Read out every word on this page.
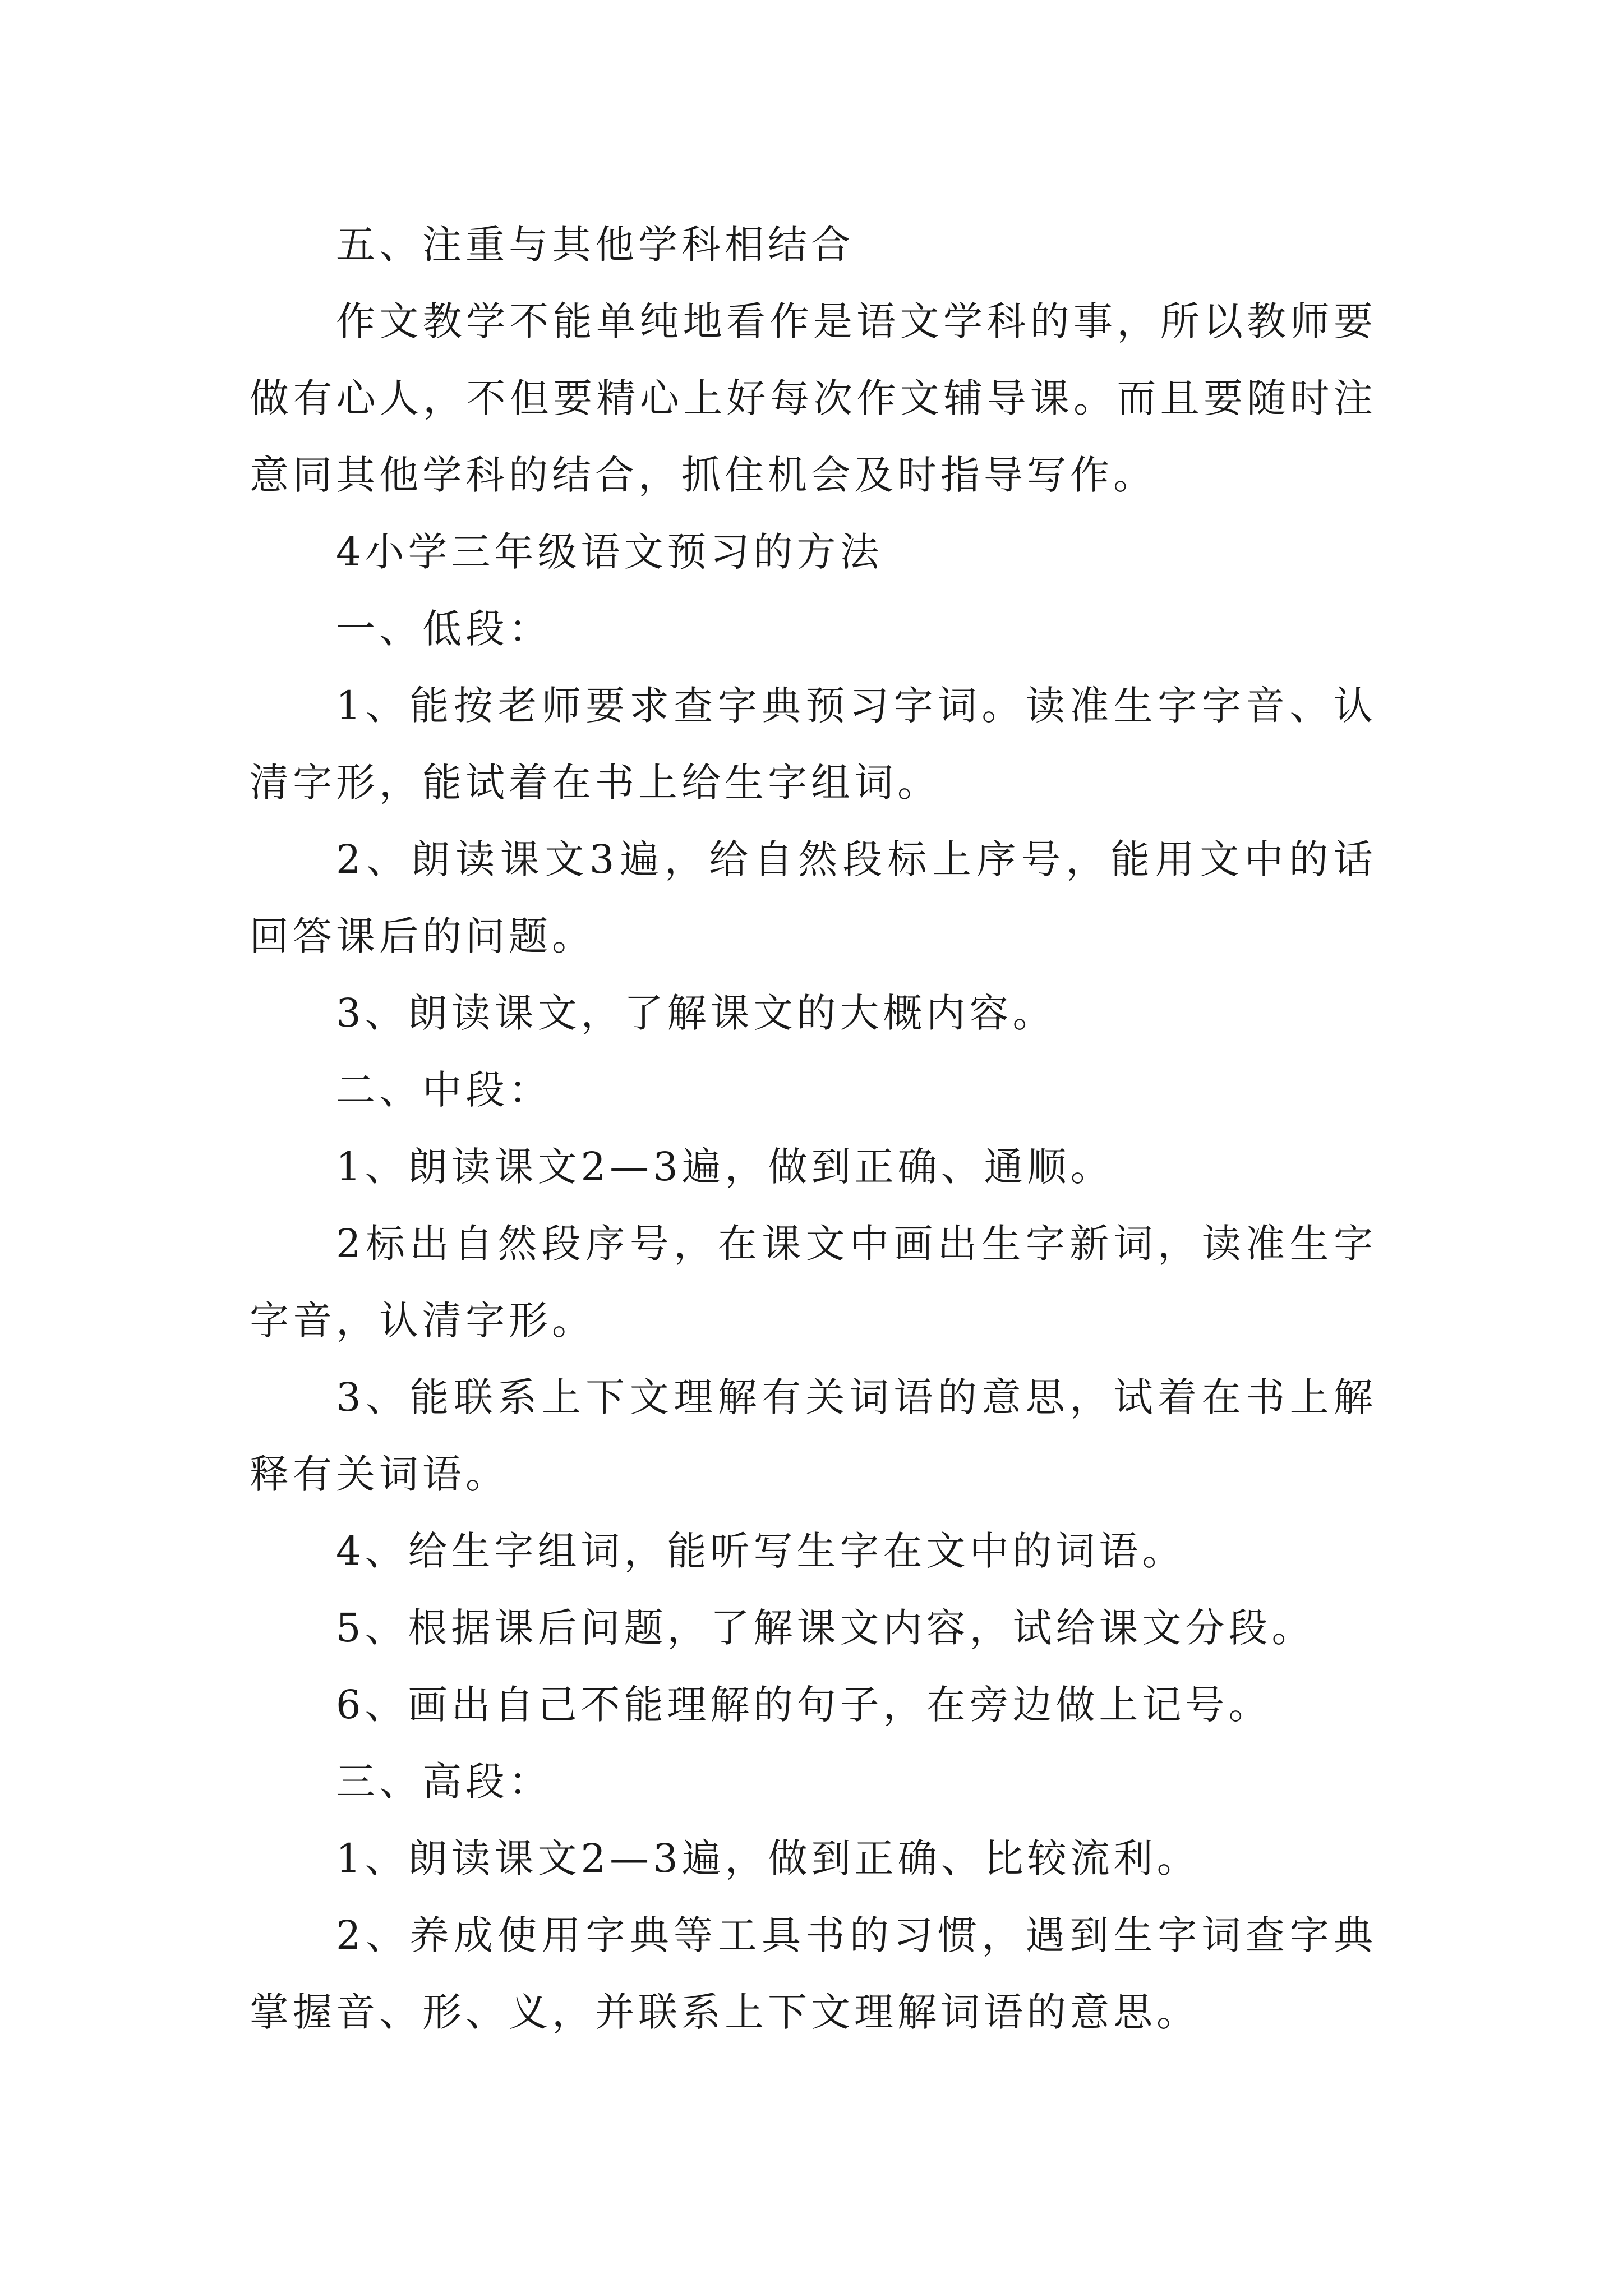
五、注重与其他学科相结合

作文教学不能单纯地看作是语文学科的事，所以教师要做有心人，不但要精心上好每次作文辅导课。而且要随时注意同其他学科的结合，抓住机会及时指导写作。

4小学三年级语文预习的方法

一、低段：

1、能按老师要求查字典预习字词。读准生字字音、认清字形，能试着在书上给生字组词。

2、朗读课文3遍，给自然段标上序号，能用文中的话回答课后的问题。

3、朗读课文，了解课文的大概内容。

二、中段：

1、朗读课文2—3遍，做到正确、通顺。

2标出自然段序号，在课文中画出生字新词，读准生字字音，认清字形。

3、能联系上下文理解有关词语的意思，试着在书上解释有关词语。

4、给生字组词，能听写生字在文中的词语。

5、根据课后问题，了解课文内容，试给课文分段。

6、画出自己不能理解的句子，在旁边做上记号。

三、高段：

1、朗读课文2—3遍，做到正确、比较流利。

2、养成使用字典等工具书的习惯，遇到生字词查字典掌握音、形、义，并联系上下文理解词语的意思。
